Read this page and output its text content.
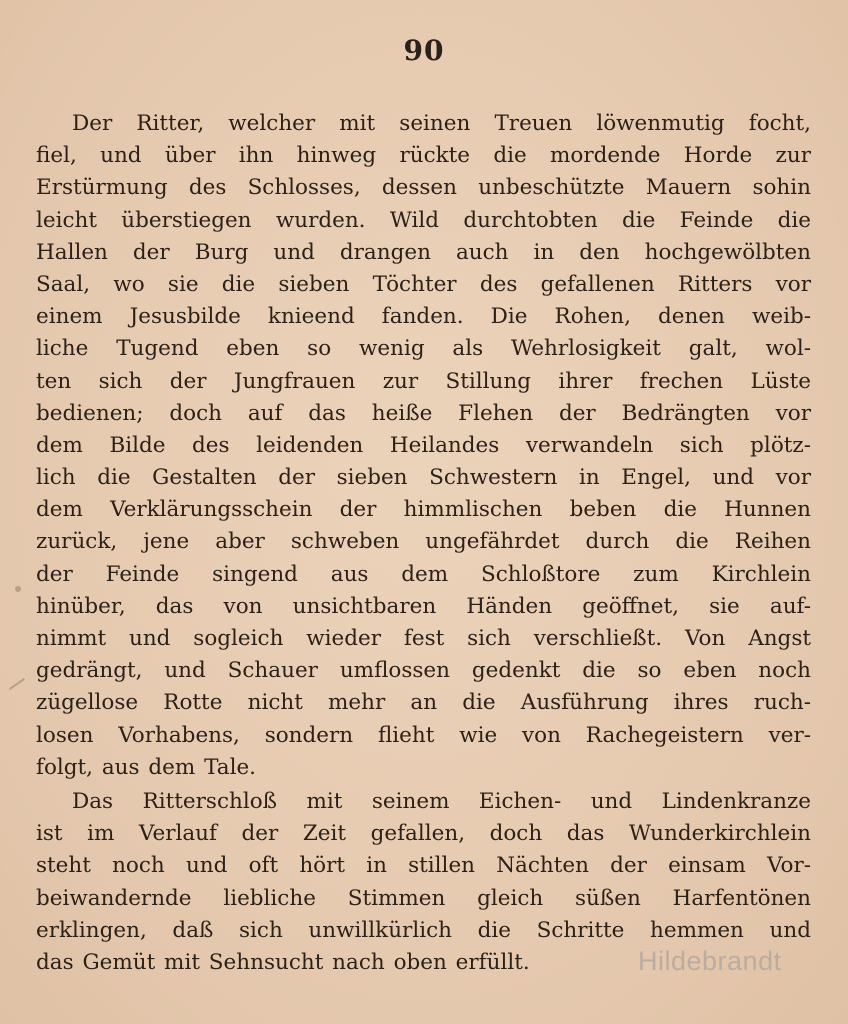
90
Der Ritter, welcher mit seinen Treuen löwenmutig focht,
fiel, und über ihn hinweg rückte die mordende Horde zur
Erstürmung des Schlosses, dessen unbeschützte Mauern sohin
leicht überstiegen wurden. Wild durchtobten die Feinde die
Hallen der Burg und drangen auch in den hochgewölbten
Saal, wo sie die sieben Töchter des gefallenen Ritters vor
einem Jesusbilde knieend fanden. Die Rohen, denen weib-
liche Tugend eben so wenig als Wehrlosigkeit galt, wol-
ten sich der Jungfrauen zur Stillung ihrer frechen Lüste
bedienen; doch auf das heiße Flehen der Bedrängten vor
dem Bilde des leidenden Heilandes verwandeln sich plötz-
lich die Gestalten der sieben Schwestern in Engel, und vor
dem Verklärungsschein der himmlischen beben die Hunnen
zurück, jene aber schweben ungefährdet durch die Reihen
der Feinde singend aus dem Schloßtore zum Kirchlein
hinüber, das von unsichtbaren Händen geöffnet, sie auf-
nimmt und sogleich wieder fest sich verschließt. Von Angst
gedrängt, und Schauer umflossen gedenkt die so eben noch
zügellose Rotte nicht mehr an die Ausführung ihres ruch-
losen Vorhabens, sondern flieht wie von Rachegeistern ver-
folgt, aus dem Tale.
Das Ritterschloß mit seinem Eichen- und Lindenkranze
ist im Verlauf der Zeit gefallen, doch das Wunderkirchlein
steht noch und oft hört in stillen Nächten der einsam Vor-
beiwandernde liebliche Stimmen gleich süßen Harfentönen
erklingen, daß sich unwillkürlich die Schritte hemmen und
das Gemüt mit Sehnsucht nach oben erfüllt.	Hildebrandt
